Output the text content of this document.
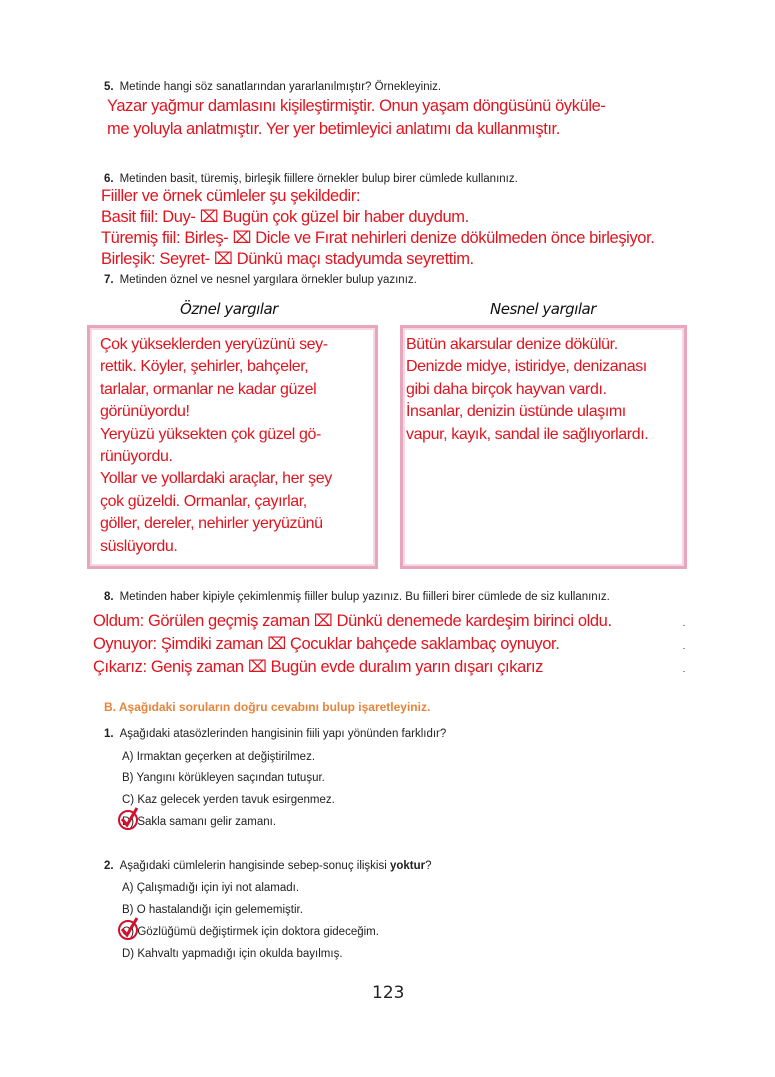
5. Metinde hangi söz sanatlarından yararlanılmıştır? Örnekleyiniz.
Yazar yağmur damlasını kişileştirmiştir. Onun yaşam döngüsünü öyküle-
me yoluyla anlatmıştır. Yer yer betimleyici anlatımı da kullanmıştır.
6. Metinden basit, türemiş, birleşik fiillere örnekler bulup birer cümlede kullanınız.
Fiiller ve örnek cümleler şu şekildedir:
Basit fiil: Duy- ⌧ Bugün çok güzel bir haber duydum.
Türemiş fiil: Birleş- ⌧ Dicle ve Fırat nehirleri denize dökülmeden önce birleşiyor.
Birleşik: Seyret- ⌧ Dünkü maçı stadyumda seyrettim.
7. Metinden öznel ve nesnel yargılara örnekler bulup yazınız.
Öznel yargılar	Nesnel yargılar
Çok yükseklerden yeryüzünü sey-
rettik. Köyler, şehirler, bahçeler,
tarlalar, ormanlar ne kadar güzel
görünüyordu!
Yeryüzü yüksekten çok güzel gö-
rünüyordu.
Yollar ve yollardaki araçlar, her şey
çok güzeldi. Ormanlar, çayırlar,
göller, dereler, nehirler yeryüzünü
süslüyordu.
Bütün akarsular denize dökülür.
Denizde midye, istiridye, denizanası
gibi daha birçok hayvan vardı.
İnsanlar, denizin üstünde ulaşımı
vapur, kayık, sandal ile sağlıyorlardı.
8. Metinden haber kipiyle çekimlenmiş fiiller bulup yazınız. Bu fiilleri birer cümlede de siz kullanınız.
Oldum: Görülen geçmiş zaman ⌧ Dünkü denemede kardeşim birinci oldu.
Oynuyor: Şimdiki zaman ⌧ Çocuklar bahçede saklambaç oynuyor.
Çıkarız: Geniş zaman ⌧ Bugün evde duralım yarın dışarı çıkarız
B. Aşağıdaki soruların doğru cevabını bulup işaretleyiniz.
1. Aşağıdaki atasözlerinden hangisinin fiili yapı yönünden farklıdır?
A) Irmaktan geçerken at değiştirilmez.
B) Yangını körükleyen saçından tutuşur.
C) Kaz gelecek yerden tavuk esirgenmez.
D) Sakla samanı gelir zamanı.
2. Aşağıdaki cümlelerin hangisinde sebep-sonuç ilişkisi yoktur?
A) Çalışmadığı için iyi not alamadı.
B) O hastalandığı için gelememiştir.
C) Gözlüğümü değiştirmek için doktora gideceğim.
D) Kahvaltı yapmadığı için okulda bayılmış.
123
